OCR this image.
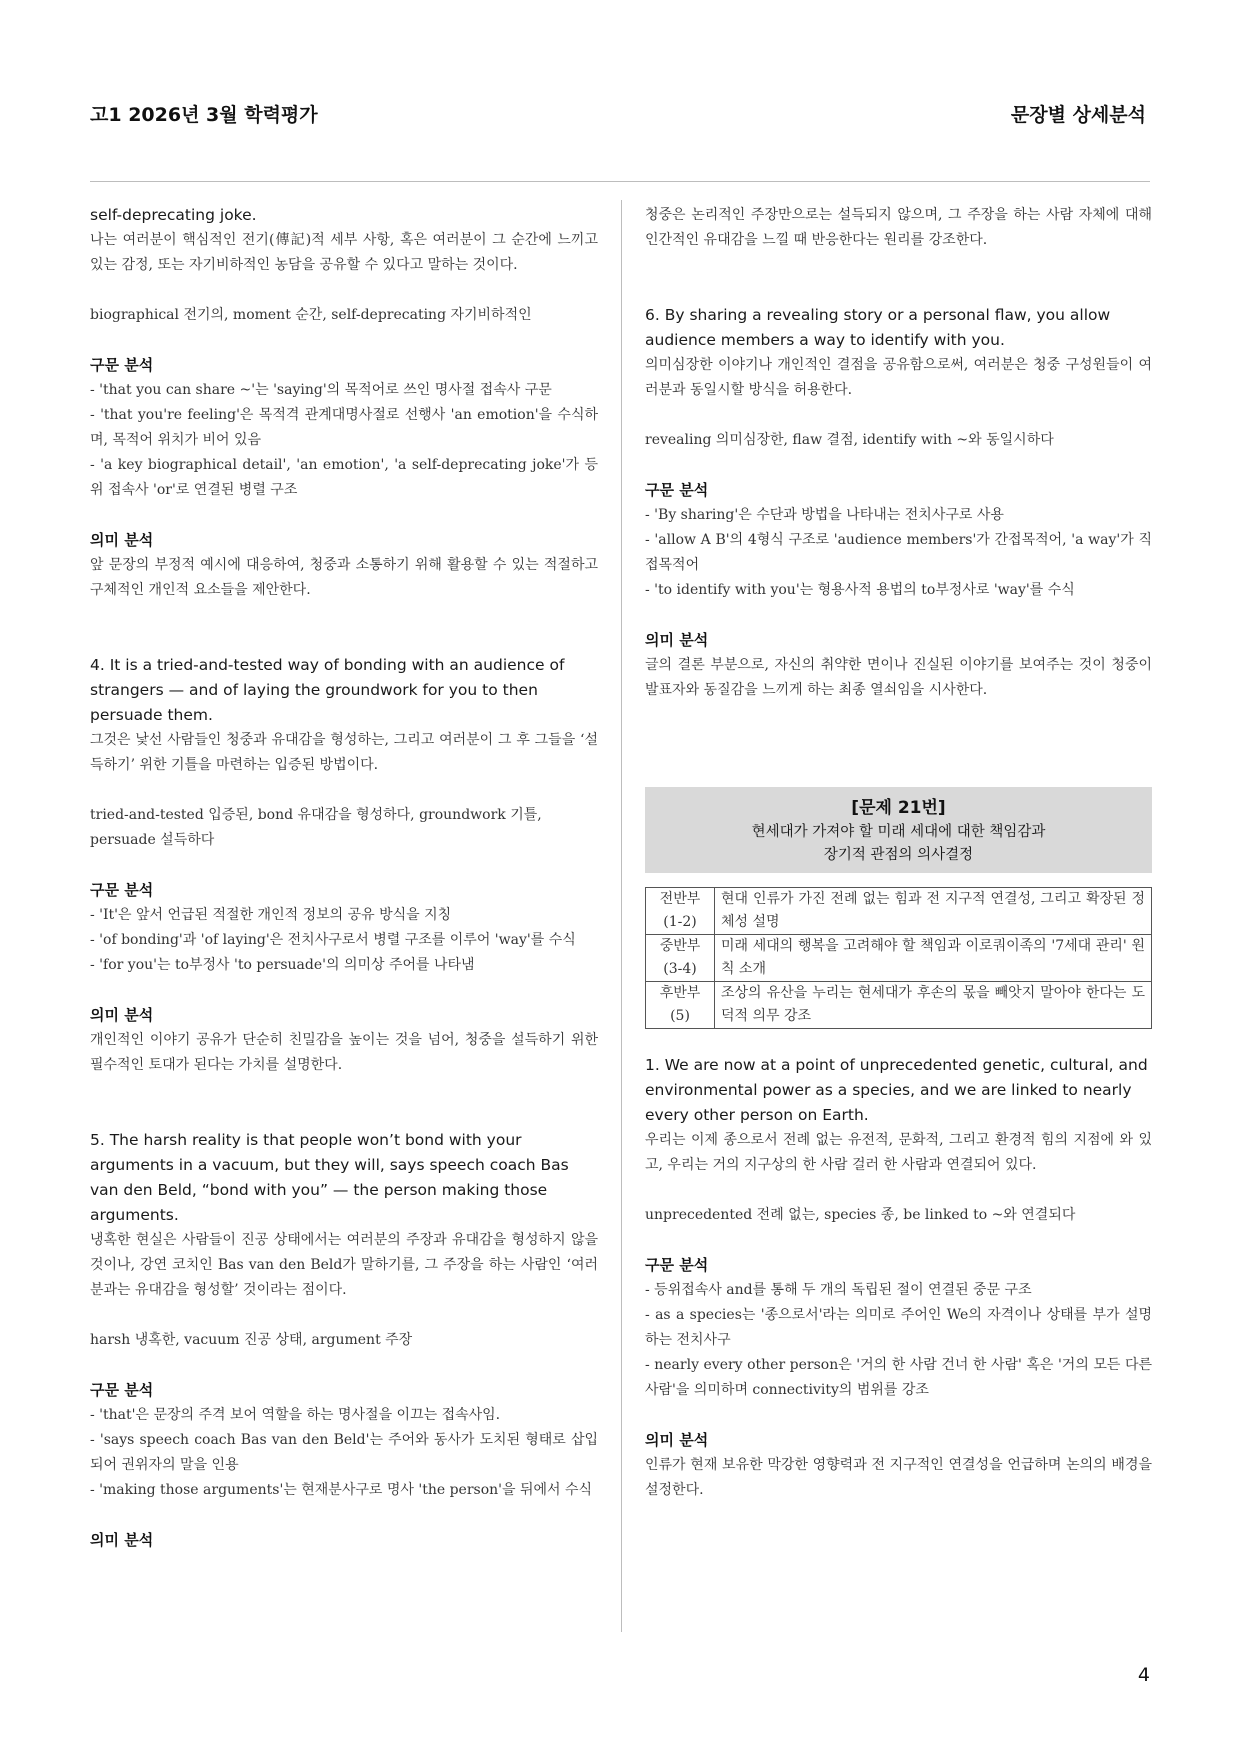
고1 2026년 3월 학력평가	문장별 상세분석

self-deprecating joke.

나는 여러분이 핵심적인 전기(傳記)적 세부 사항, 혹은 여러분이 그 순간에 느끼고 있는 감정, 또는 자기비하적인 농담을 공유할 수 있다고 말하는 것이다.

biographical 전기의, moment 순간, self-deprecating 자기비하적인

구문 분석

- 'that you can share ~'는 'saying'의 목적어로 쓰인 명사절 접속사 구문
- 'that you're feeling'은 목적격 관계대명사절로 선행사 'an emotion'을 수식하며, 목적어 위치가 비어 있음
- 'a key biographical detail', 'an emotion', 'a self-deprecating joke'가 등위 접속사 'or'로 연결된 병렬 구조

의미 분석

앞 문장의 부정적 예시에 대응하여, 청중과 소통하기 위해 활용할 수 있는 적절하고 구체적인 개인적 요소들을 제안한다.

4. It is a tried-and-tested way of bonding with an audience of strangers — and of laying the groundwork for you to then persuade them.

그것은 낯선 사람들인 청중과 유대감을 형성하는, 그리고 여러분이 그 후 그들을 ‘설득하기’ 위한 기틀을 마련하는 입증된 방법이다.

tried-and-tested 입증된, bond 유대감을 형성하다, groundwork 기틀, persuade 설득하다

구문 분석

- 'It'은 앞서 언급된 적절한 개인적 정보의 공유 방식을 지칭
- 'of bonding'과 'of laying'은 전치사구로서 병렬 구조를 이루어 'way'를 수식
- 'for you'는 to부정사 'to persuade'의 의미상 주어를 나타냄

의미 분석

개인적인 이야기 공유가 단순히 친밀감을 높이는 것을 넘어, 청중을 설득하기 위한 필수적인 토대가 된다는 가치를 설명한다.

5. The harsh reality is that people won’t bond with your arguments in a vacuum, but they will, says speech coach Bas van den Beld, “bond with you” — the person making those arguments.

냉혹한 현실은 사람들이 진공 상태에서는 여러분의 주장과 유대감을 형성하지 않을 것이나, 강연 코치인 Bas van den Beld가 말하기를, 그 주장을 하는 사람인 ‘여러분과는 유대감을 형성할’ 것이라는 점이다.

harsh 냉혹한, vacuum 진공 상태, argument 주장

구문 분석

- 'that'은 문장의 주격 보어 역할을 하는 명사절을 이끄는 접속사임.
- 'says speech coach Bas van den Beld'는 주어와 동사가 도치된 형태로 삽입되어 권위자의 말을 인용
- 'making those arguments'는 현재분사구로 명사 'the person'을 뒤에서 수식

의미 분석

청중은 논리적인 주장만으로는 설득되지 않으며, 그 주장을 하는 사람 자체에 대해 인간적인 유대감을 느낄 때 반응한다는 원리를 강조한다.

6. By sharing a revealing story or a personal flaw, you allow audience members a way to identify with you.

의미심장한 이야기나 개인적인 결점을 공유함으로써, 여러분은 청중 구성원들이 여러분과 동일시할 방식을 허용한다.

revealing 의미심장한, flaw 결점, identify with ~와 동일시하다

구문 분석

- 'By sharing'은 수단과 방법을 나타내는 전치사구로 사용
- 'allow A B'의 4형식 구조로 'audience members'가 간접목적어, 'a way'가 직접목적어
- 'to identify with you'는 형용사적 용법의 to부정사로 'way'를 수식

의미 분석

글의 결론 부분으로, 자신의 취약한 면이나 진실된 이야기를 보여주는 것이 청중이 발표자와 동질감을 느끼게 하는 최종 열쇠임을 시사한다.

[문제 21번]
현세대가 가져야 할 미래 세대에 대한 책임감과
장기적 관점의 의사결정
전반부
(1-2)	현대 인류가 가진 전례 없는 힘과 전 지구적 연결성, 그리고 확장된 정체성 설명

중반부
(3-4)	미래 세대의 행복을 고려해야 할 책임과 이로쿼이족의 '7세대 관리' 원칙 소개

후반부
(5)	조상의 유산을 누리는 현세대가 후손의 몫을 빼앗지 말아야 한다는 도덕적 의무 강조

1. We are now at a point of unprecedented genetic, cultural, and environmental power as a species, and we are linked to nearly every other person on Earth.

우리는 이제 종으로서 전례 없는 유전적, 문화적, 그리고 환경적 힘의 지점에 와 있고, 우리는 거의 지구상의 한 사람 걸러 한 사람과 연결되어 있다.

unprecedented 전례 없는, species 종, be linked to ~와 연결되다

구문 분석

- 등위접속사 and를 통해 두 개의 독립된 절이 연결된 중문 구조
- as a species는 '종으로서'라는 의미로 주어인 We의 자격이나 상태를 부가 설명하는 전치사구
- nearly every other person은 '거의 한 사람 건너 한 사람' 혹은 '거의 모든 다른 사람'을 의미하며 connectivity의 범위를 강조

의미 분석

인류가 현재 보유한 막강한 영향력과 전 지구적인 연결성을 언급하며 논의의 배경을 설정한다.

4
